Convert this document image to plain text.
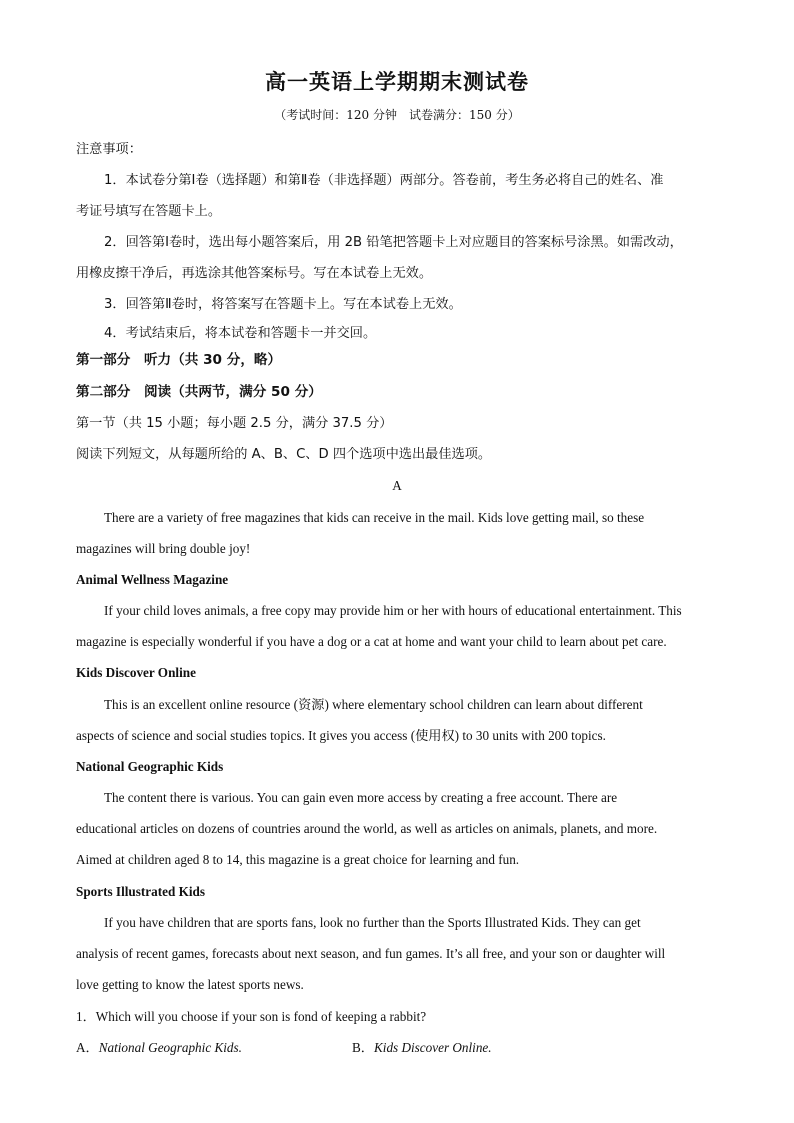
高一英语上学期期末测试卷
（考试时间：120 分钟　试卷满分：150 分）
注意事项：
1．本试卷分第Ⅰ卷（选择题）和第Ⅱ卷（非选择题）两部分。答卷前，考生务必将自己的姓名、准
考证号填写在答题卡上。
2．回答第Ⅰ卷时，选出每小题答案后，用 2B 铅笔把答题卡上对应题目的答案标号涂黑。如需改动，
用橡皮擦干净后，再选涂其他答案标号。写在本试卷上无效。
3．回答第Ⅱ卷时，将答案写在答题卡上。写在本试卷上无效。
4．考试结束后，将本试卷和答题卡一并交回。
第一部分　听力（共 30 分，略）
第二部分　阅读（共两节，满分 50 分）
第一节（共 15 小题；每小题 2.5 分，满分 37.5 分）
阅读下列短文，从每题所给的 A、B、C、D 四个选项中选出最佳选项。
A
There are a variety of free magazines that kids can receive in the mail. Kids love getting mail, so these
magazines will bring double joy!
Animal Wellness Magazine
If your child loves animals, a free copy may provide him or her with hours of educational entertainment. This
magazine is especially wonderful if you have a dog or a cat at home and want your child to learn about pet care.
Kids Discover Online
This is an excellent online resource (资源) where elementary school children can learn about different
aspects of science and social studies topics. It gives you access (使用权) to 30 units with 200 topics.
National Geographic Kids
The content there is various. You can gain even more access by creating a free account. There are
educational articles on dozens of countries around the world, as well as articles on animals, planets, and more.
Aimed at children aged 8 to 14, this magazine is a great choice for learning and fun.
Sports Illustrated Kids
If you have children that are sports fans, look no further than the Sports Illustrated Kids. They can get
analysis of recent games, forecasts about next season, and fun games. It’s all free, and your son or daughter will
love getting to know the latest sports news.
1．Which will you choose if your son is fond of keeping a rabbit?
A．National Geographic Kids.	B．Kids Discover Online.
